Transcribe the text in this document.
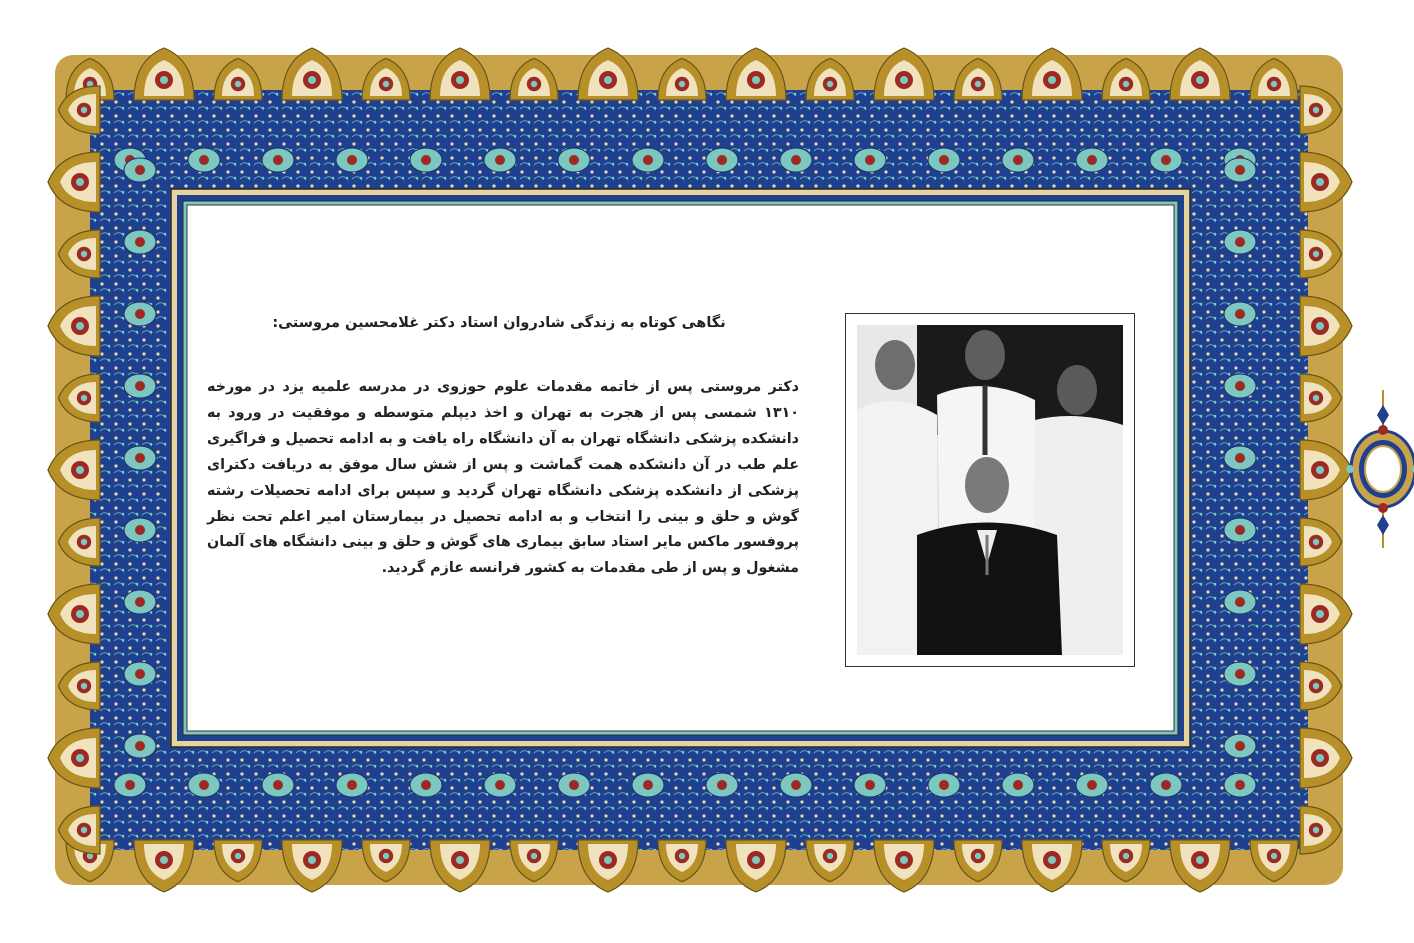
نگاهی کوتاه به زندگی شادروان استاد دکتر غلامحسین مروستی:
دکتر مروستی پس از خاتمه مقدمات علوم حوزوی در مدرسه علمیه یزد در مورخه ۱۳۱۰ شمسی پس از هجرت به تهران و اخذ دیپلم متوسطه و موفقیت در ورود به دانشکده پزشکی دانشگاه تهران به آن دانشگاه راه یافت و به ادامه تحصیل و فراگیری علم طب در آن دانشکده همت گماشت و پس از شش سال موفق به دریافت دکترای پزشکی از دانشکده پزشکی دانشگاه تهران گردید و سپس برای ادامه تحصیلات رشته گوش و حلق و بینی را انتخاب و به ادامه تحصیل در بیمارستان امیر اعلم تحت نظر پروفسور ماکس مایر استاد سابق بیماری های گوش و حلق و بینی دانشگاه های آلمان مشغول و پس از طی مقدمات به کشور فرانسه عازم گردید.
